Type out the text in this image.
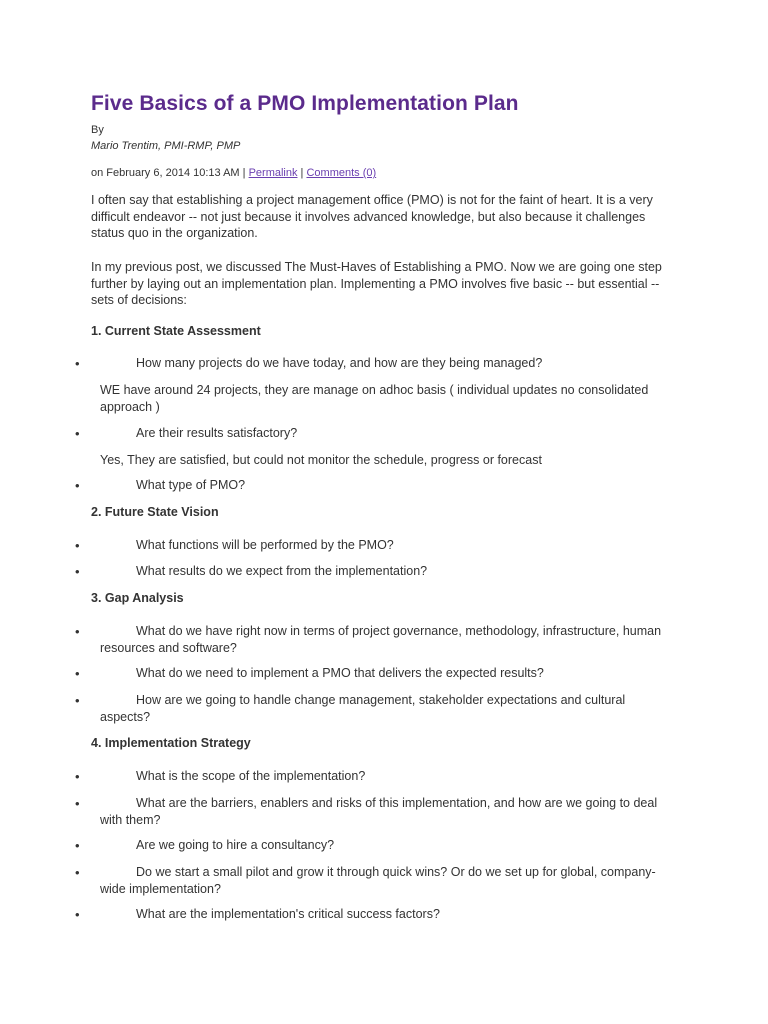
Five Basics of a PMO Implementation Plan
By
Mario Trentim, PMI-RMP, PMP
on February 6, 2014 10:13 AM | Permalink | Comments (0)

I often say that establishing a project management office (PMO) is not for the faint of heart. It is a very difficult endeavor -- not just because it involves advanced knowledge, but also because it challenges status quo in the organization.

In my previous post, we discussed The Must-Haves of Establishing a PMO. Now we are going one step further by laying out an implementation plan. Implementing a PMO involves five basic -- but essential -- sets of decisions:

1. Current State Assessment
•	How many projects do we have today, and how are they being managed?
WE have around 24 projects, they are manage on adhoc basis ( individual updates no consolidated approach )
•	Are their results satisfactory?
Yes, They are satisfied, but could not monitor the schedule, progress or forecast
•	What type of PMO?
2. Future State Vision
•	What functions will be performed by the PMO?
•	What results do we expect from the implementation?
3. Gap Analysis
•	What do we have right now in terms of project governance, methodology, infrastructure, human resources and software?
•	What do we need to implement a PMO that delivers the expected results?
•	How are we going to handle change management, stakeholder expectations and cultural aspects?
4. Implementation Strategy
•	What is the scope of the implementation?
•	What are the barriers, enablers and risks of this implementation, and how are we going to deal with them?
•	Are we going to hire a consultancy?
•	Do we start a small pilot and grow it through quick wins? Or do we set up for global, company-wide implementation?
•	What are the implementation's critical success factors?
